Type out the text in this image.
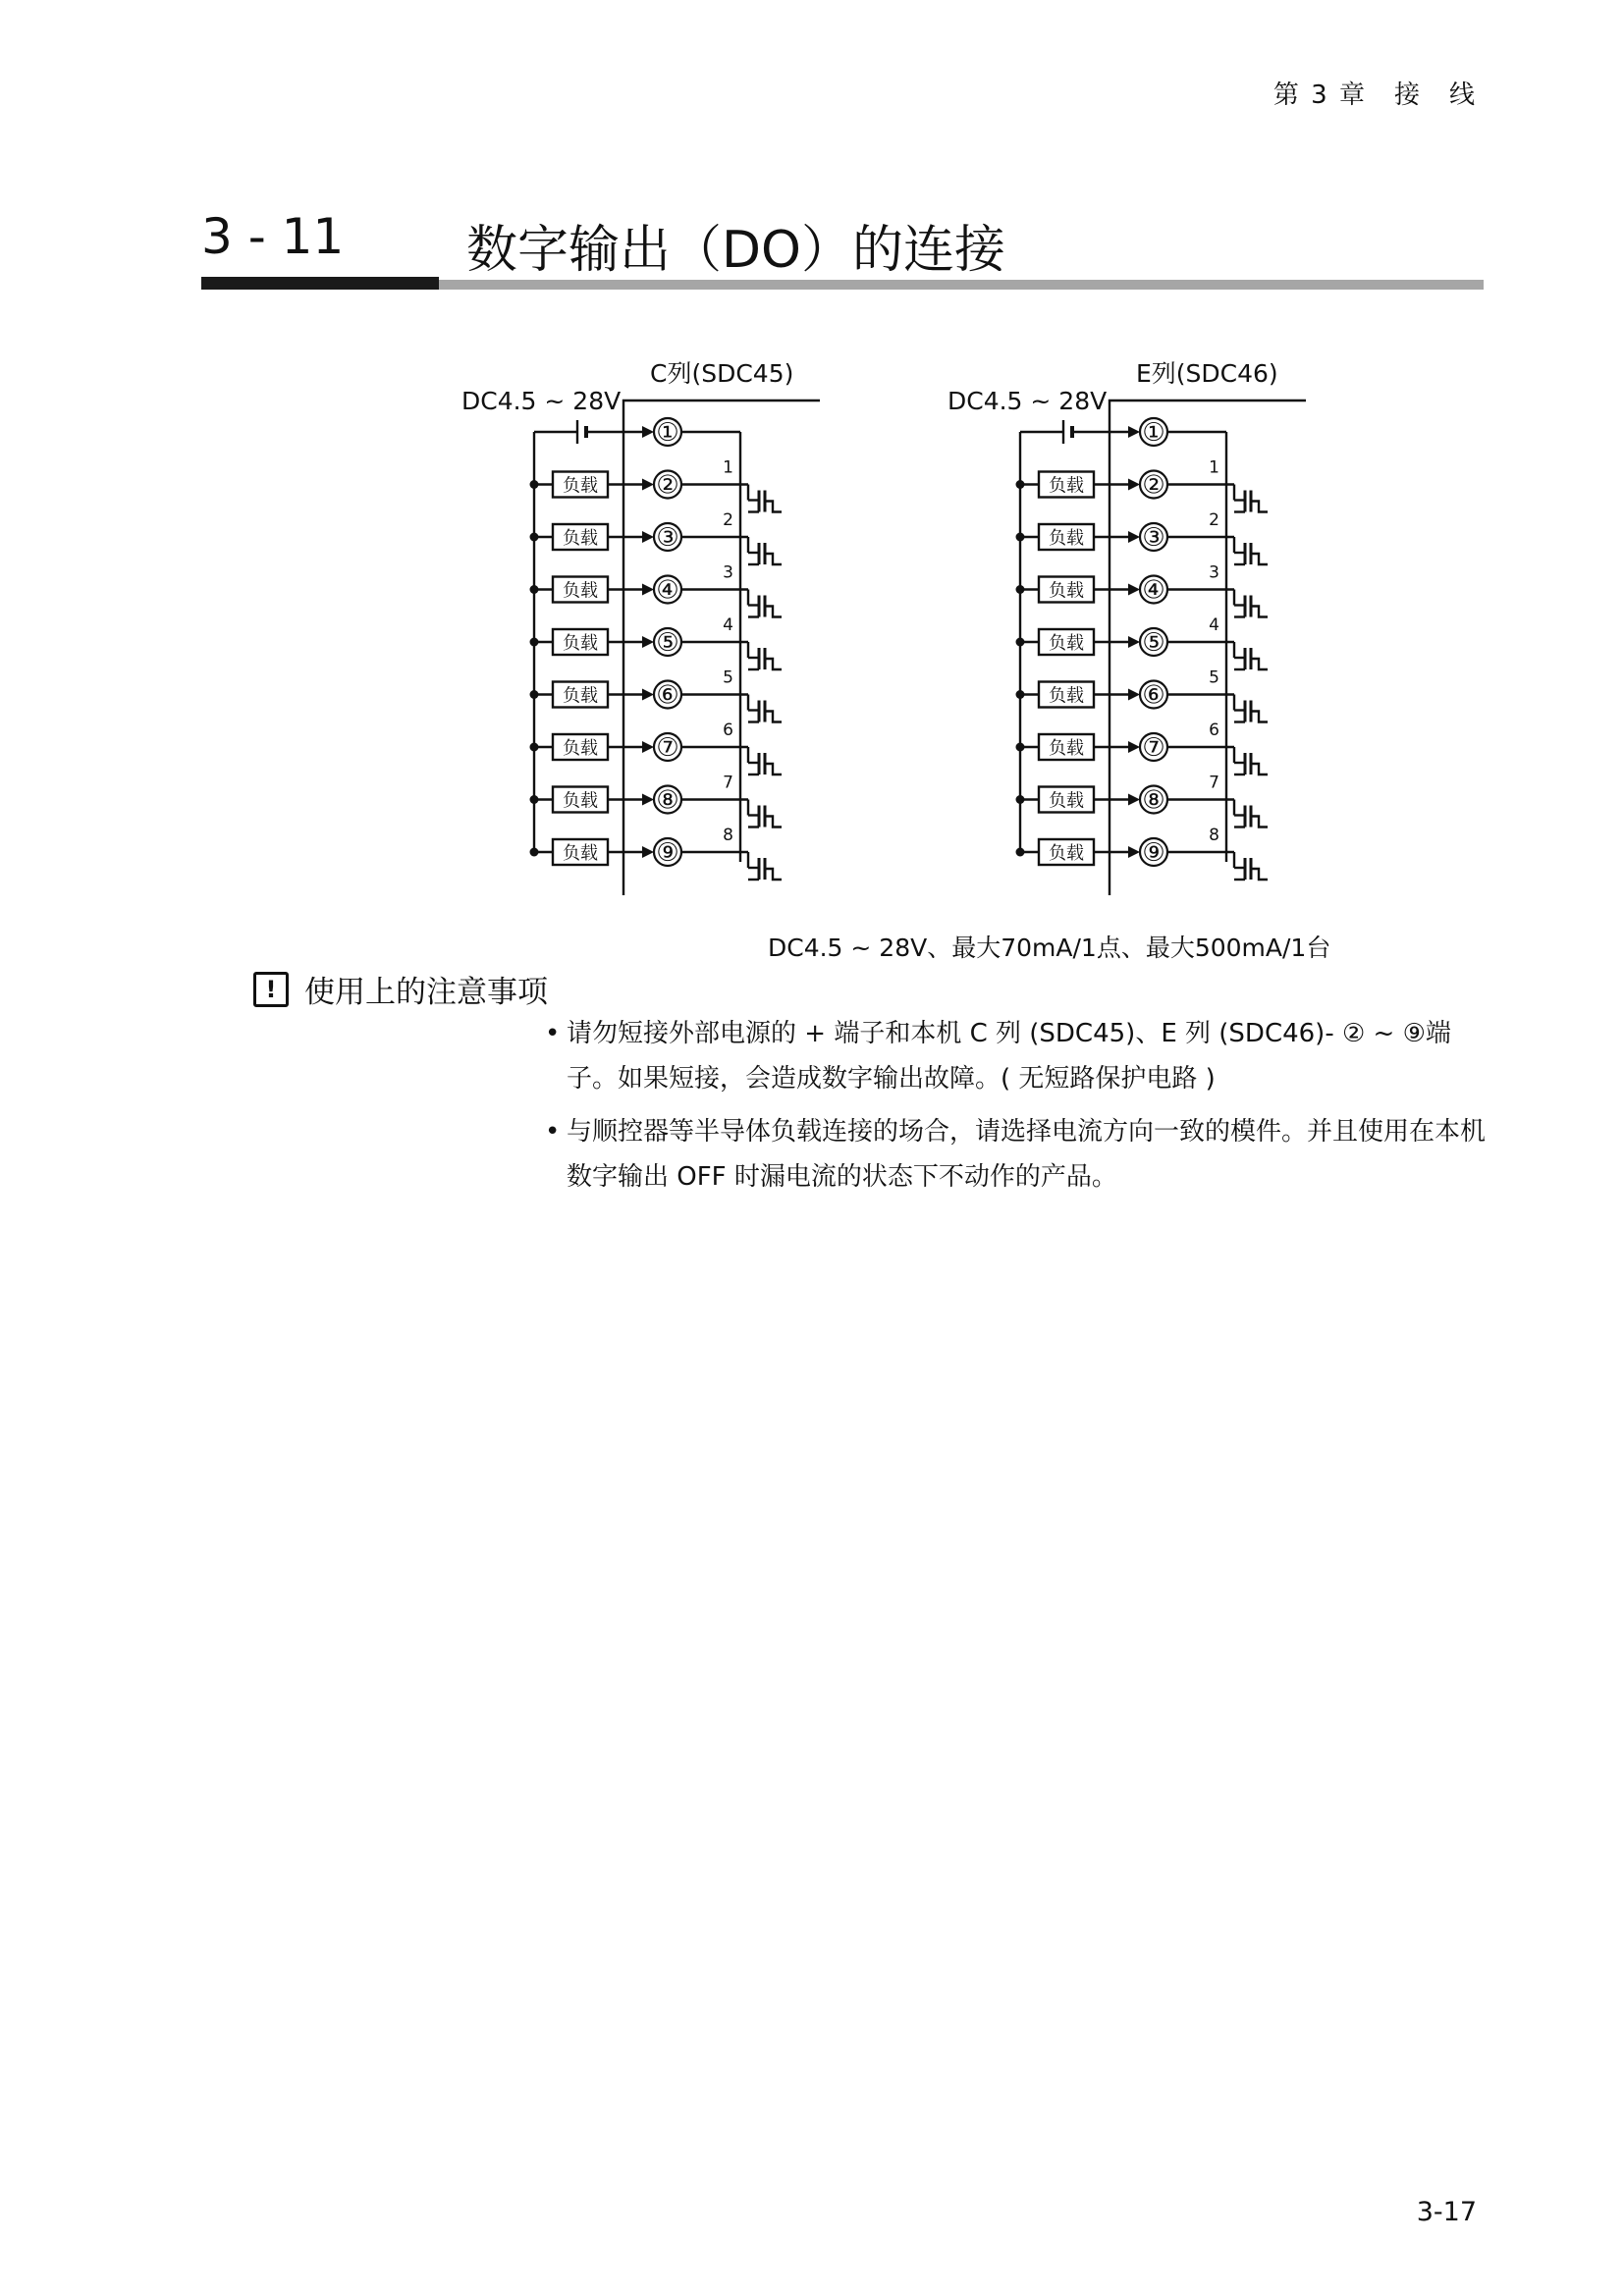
第 3 章　接　线
3 - 11 数字输出（DO）的连接
C列(SDC45)
DC4.5 ~ 28V
负载
负载
负载
负载
负载
负载
负载
负载
①
②
③
④
⑤
⑥
⑦
⑧
⑨
1
2
3
4
5
6
7
8
E列(SDC46)
DC4.5 ~ 28V
负载
负载
负载
负载
负载
负载
负载
负载
①
②
③
④
⑤
⑥
⑦
⑧
⑨
1
2
3
4
5
6
7
8
DC4.5 ~ 28V、最大70mA/1点、最大500mA/1台
! 使用上的注意事项
• 请勿短接外部电源的 + 端子和本机 C 列 (SDC45)、E 列 (SDC46)- ② ~ ⑨端子。如果短接，会造成数字输出故障。( 无短路保护电路 )
• 与顺控器等半导体负载连接的场合，请选择电流方向一致的模件。并且使用在本机数字输出 OFF 时漏电流的状态下不动作的产品。
3-17
